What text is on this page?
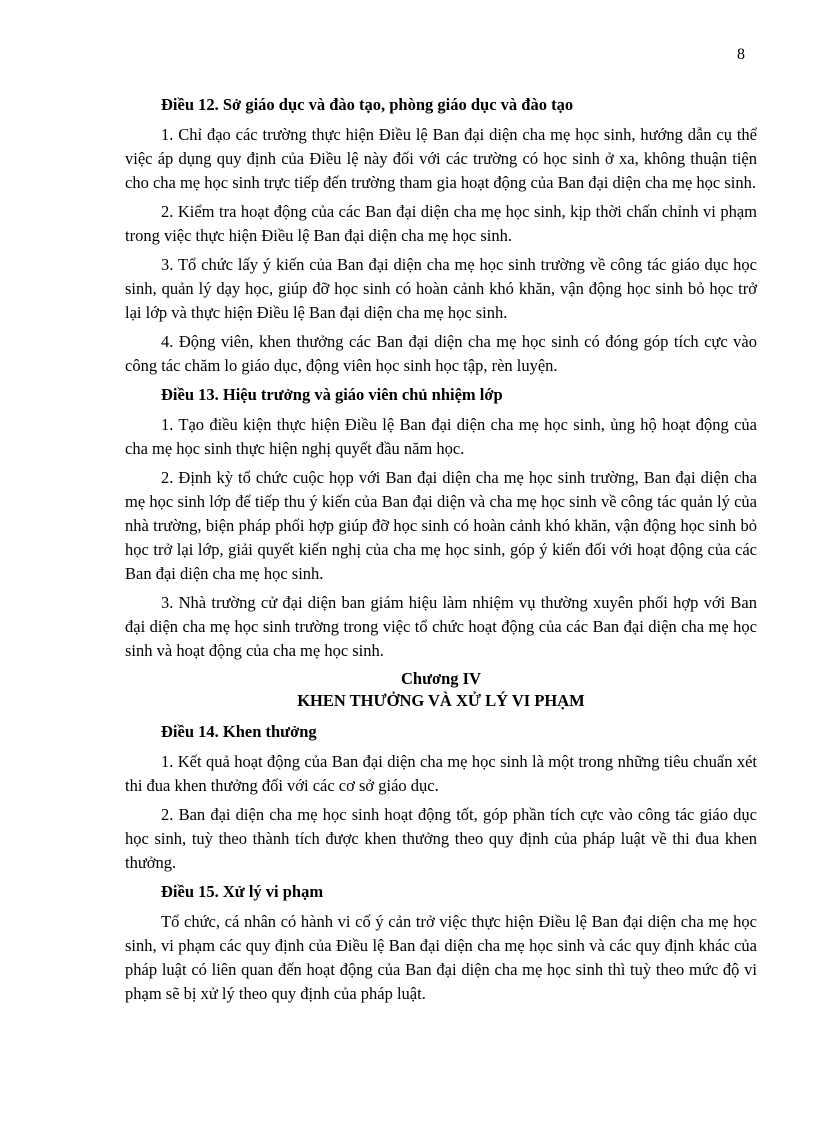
8
Điều 12. Sở giáo dục và đào tạo, phòng giáo dục và đào tạo

1. Chỉ đạo các trường thực hiện Điều lệ Ban đại diện cha mẹ học sinh, hướng dẫn cụ thể việc áp dụng quy định của Điều lệ này đối với các trường có học sinh ở xa, không thuận tiện cho cha mẹ học sinh trực tiếp đến trường tham gia hoạt động của Ban đại diện cha mẹ học sinh.

2. Kiểm tra hoạt động của các Ban đại diện cha mẹ học sinh, kịp thời chấn chỉnh vi phạm trong việc thực hiện Điều lệ Ban đại diện cha mẹ học sinh.

3. Tổ chức lấy ý kiến của Ban đại diện cha mẹ học sinh trường về công tác giáo dục học sinh, quản lý dạy học, giúp đỡ học sinh có hoàn cảnh khó khăn, vận động học sinh bỏ học trở lại lớp và thực hiện Điều lệ Ban đại diện cha mẹ học sinh.

4. Động viên, khen thưởng các Ban đại diện cha mẹ học sinh có đóng góp tích cực vào công tác chăm lo giáo dục, động viên học sinh học tập, rèn luyện.

Điều 13. Hiệu trưởng và giáo viên chủ nhiệm lớp

1. Tạo điều kiện thực hiện Điều lệ Ban đại diện cha mẹ học sinh, ủng hộ hoạt động của cha mẹ học sinh thực hiện nghị quyết đầu năm học.

2. Định kỳ tổ chức cuộc họp với Ban đại diện cha mẹ học sinh trường, Ban đại diện cha mẹ học sinh lớp để tiếp thu ý kiến của Ban đại diện và cha mẹ học sinh về công tác quản lý của nhà trường, biện pháp phối hợp giúp đỡ học sinh có hoàn cảnh khó khăn, vận động học sinh bỏ học trở lại lớp, giải quyết kiến nghị của cha mẹ học sinh, góp ý kiến đối với hoạt động của các Ban đại diện cha mẹ học sinh.

3. Nhà trường cử đại diện ban giám hiệu làm nhiệm vụ thường xuyên phối hợp với Ban đại diện cha mẹ học sinh trường trong việc tổ chức hoạt động của các Ban đại diện cha mẹ học sinh và hoạt động của cha mẹ học sinh.

Chương IV
KHEN THƯỞNG VÀ XỬ LÝ VI PHẠM
Điều 14. Khen thưởng

1. Kết quả hoạt động của Ban đại diện cha mẹ học sinh là một trong những tiêu chuẩn xét thi đua khen thưởng đối với các cơ sở giáo dục.

2. Ban đại diện cha mẹ học sinh hoạt động tốt, góp phần tích cực vào công tác giáo dục học sinh, tuỳ theo thành tích được khen thưởng theo quy định của pháp luật về thi đua khen thưởng.

Điều 15. Xử lý vi phạm

Tổ chức, cá nhân có hành vi cố ý cản trở việc thực hiện Điều lệ Ban đại diện cha mẹ học sinh, vi phạm các quy định của Điều lệ Ban đại diện cha mẹ học sinh và các quy định khác của pháp luật có liên quan đến hoạt động của Ban đại diện cha mẹ học sinh thì tuỳ theo mức độ vi phạm sẽ bị xử lý theo quy định của pháp luật.
